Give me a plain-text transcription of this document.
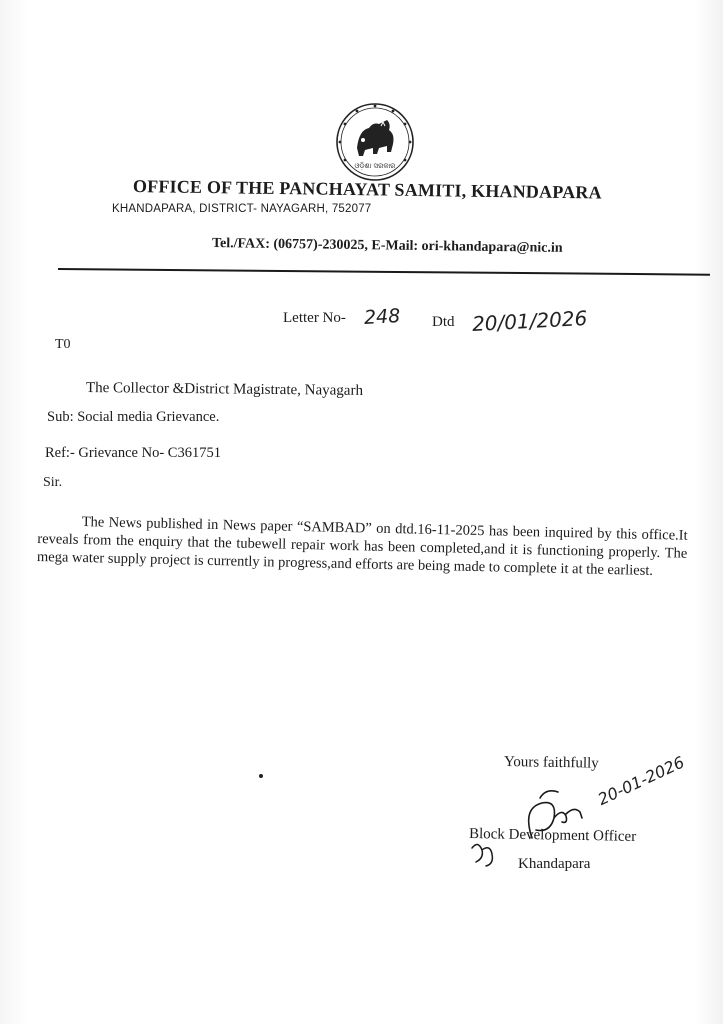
ଓଡ଼ିଶା ସରକାର
OFFICE OF THE PANCHAYAT SAMITI, KHANDAPARA
KHANDAPARA, DISTRICT- NAYAGARH, 752077
Tel./FAX: (06757)-230025, E-Mail: ori-khandapara@nic.in
Letter No- 248 Dtd 20/01/2026
T0
The Collector &District Magistrate, Nayagarh
Sub: Social media Grievance.
Ref:- Grievance No- C361751
Sir.
The News published in News paper “SAMBAD” on dtd.16-11-2025 has been inquired by this office.It reveals from the enquiry that the tubewell repair work has been completed,and it is functioning properly. The mega water supply project is currently in progress,and efforts are being made to complete it at the earliest.
Yours faithfully
20-01-2026
Block Development Officer
Khandapara
